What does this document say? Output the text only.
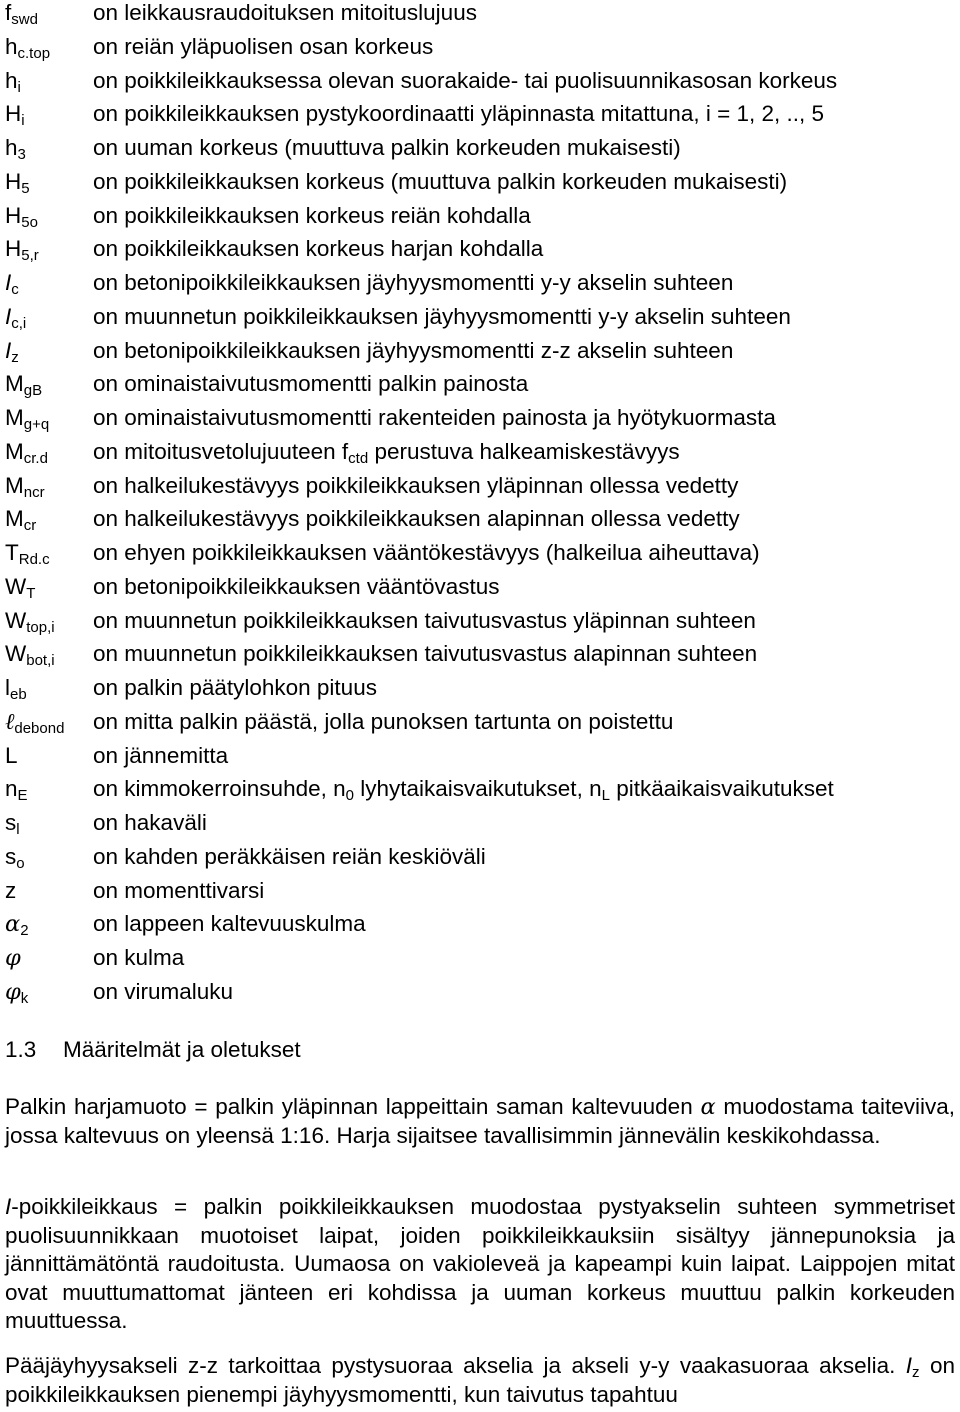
$f_{swd}$ on leikkausraudoituksen mitoituslujuus
$h_{c.top}$ on reiän yläpuolisen osan korkeus
$h_i$	on poikkileikkauksessa olevan suorakaide- tai puolisuunnikasosan korkeus
$H_i$	on poikkileikkauksen pystykoordinaatti yläpinnasta mitattuna, i = 1, 2, .., 5
$h_3$	on uuman korkeus (muuttuva palkin korkeuden mukaisesti)
$H_5$	on poikkileikkauksen korkeus (muuttuva palkin korkeuden mukaisesti)
$H_{5o}$ on poikkileikkauksen korkeus reiän kohdalla
$H_{5,r}$ on poikkileikkauksen korkeus harjan kohdalla
$I_c$	on betonipoikkileikkauksen jäyhyysmomentti y-y akselin suhteen
$I_{c,i}$	on muunnetun poikkileikkauksen jäyhyysmomentti y-y akselin suhteen
$I_z$	on betonipoikkileikkauksen jäyhyysmomentti z-z akselin suhteen
$M_{gB}$ on ominaistaivutusmomentti palkin painosta
$M_{g+q}$ on ominaistaivutusmomentti rakenteiden painosta ja hyötykuormasta
$M_{cr.d}$ on mitoitusvetolujuuteen $f_{ctd}$ perustuva halkeamiskestävyys
$M_{ncr}$ on halkeilukestävyys poikkileikkauksen yläpinnan ollessa vedetty
$M_{cr}$	on halkeilukestävyys poikkileikkauksen alapinnan ollessa vedetty
$T_{Rd.c}$ on ehyen poikkileikkauksen vääntökestävyys (halkeilua aiheuttava)
$W_T$	on betonipoikkileikkauksen vääntövastus
$W_{top,i}$ on muunnetun poikkileikkauksen taivutusvastus yläpinnan suhteen
$W_{bot,i}$ on muunnetun poikkileikkauksen taivutusvastus alapinnan suhteen
$l_{eb}$	on palkin päätylohkon pituus
ℓ$_{debond}$ on mitta palkin päästä, jolla punoksen tartunta on poistettu
L	on jännemitta
$n_E$	on kimmokerroinsuhde, $n_0$ lyhytaikaisvaikutukset, $n_L$ pitkäaikaisvaikutukset
$s_l$	on hakaväli
$s_o$	on kahden peräkkäisen reiän keskiöväli
z	on momenttivarsi
$\alpha_2$	on lappeen kaltevuuskulma
φ	on kulma
$\varphi_k$	on virumaluku
1.3 Määritelmät ja oletukset
Palkin harjamuoto = palkin yläpinnan lappeittain saman kaltevuuden α muodostama taiteviiva, jossa kaltevuus on yleensä 1:16. Harja sijaitsee tavallisimmin jännevälin keskikohdassa.
I-poikkileikkaus = palkin poikkileikkauksen muodostaa pystyakselin suhteen symmetriset puolisuunnikkaan muotoiset laipat, joiden poikkileikkauksiin sisältyy jännepunoksia ja jännittämätöntä raudoitusta. Uumaosa on vakioleveä ja kapeampi kuin laipat. Laippojen mitat ovat muuttumattomat jänteen eri kohdissa ja uuman korkeus muuttuu palkin korkeuden muuttuessa.
Pääjäyhyysakseli z-z tarkoittaa pystysuoraa akselia ja akseli y-y vaakasuoraa akselia. $I_z$ on poikkileikkauksen pienempi jäyhyysmomentti, kun taivutus tapahtuu
